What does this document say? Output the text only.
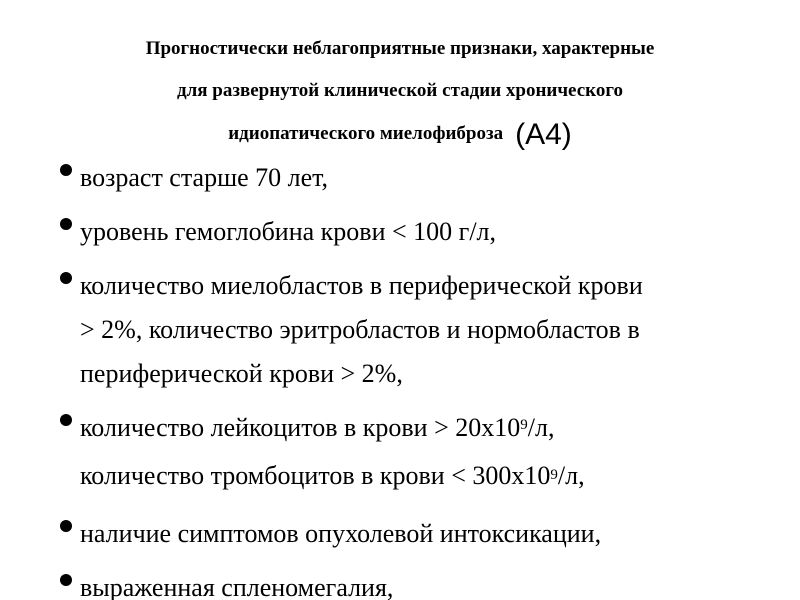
Прогностически неблагоприятные признаки, характерные
для развернутой клинической стадии хронического
идиопатического миелофиброза (А4)
возраст старше 70 лет,
уровень гемоглобина крови < 100 г/л,
количество миелобластов в периферической крови
> 2%, количество эритробластов и нормобластов в
периферической крови > 2%,
количество лейкоцитов в крови > $20х10^9/л$,
количество тромбоцитов в крови < 300х109/л,
наличие симптомов опухолевой интоксикации,
выраженная спленомегалия,
